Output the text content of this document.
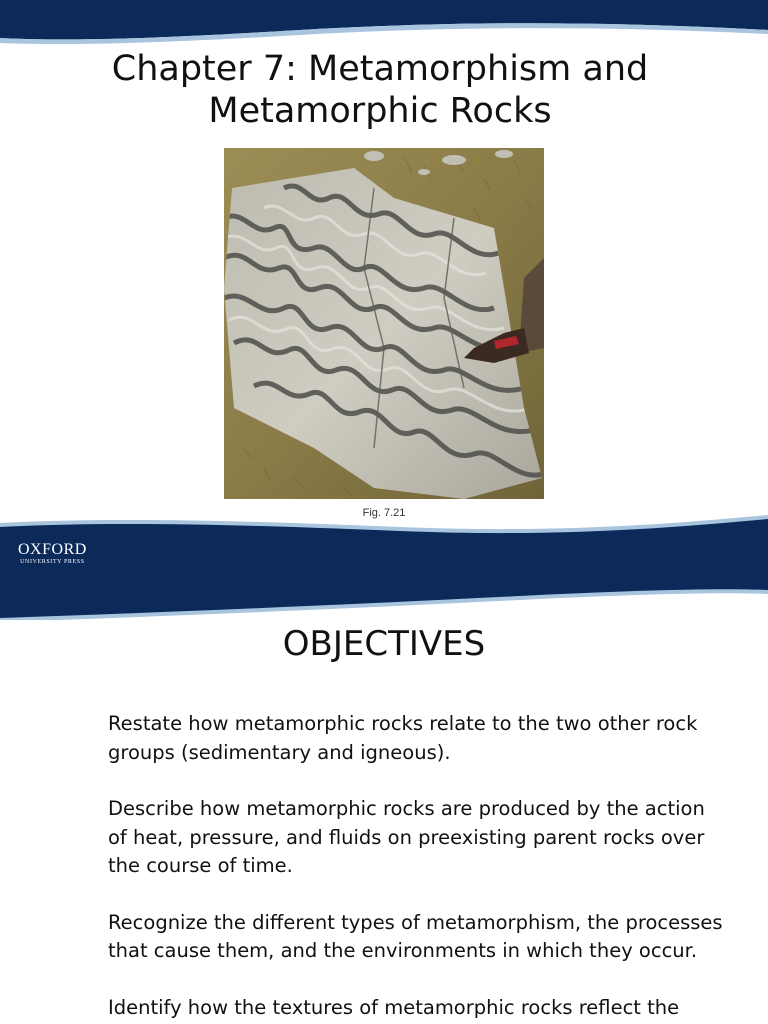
Chapter 7: Metamorphism and
Metamorphic Rocks
Fig. 7.21
OXFORD
UNIVERSITY PRESS
OBJECTIVES
Restate how metamorphic rocks relate to the two other rock groups (sedimentary and igneous).
Describe how metamorphic rocks are produced by the action of heat, pressure, and fluids on preexisting parent rocks over the course of time.
Recognize the different types of metamorphism, the processes that cause them, and the environments in which they occur.
Identify how the textures of metamorphic rocks reflect the
